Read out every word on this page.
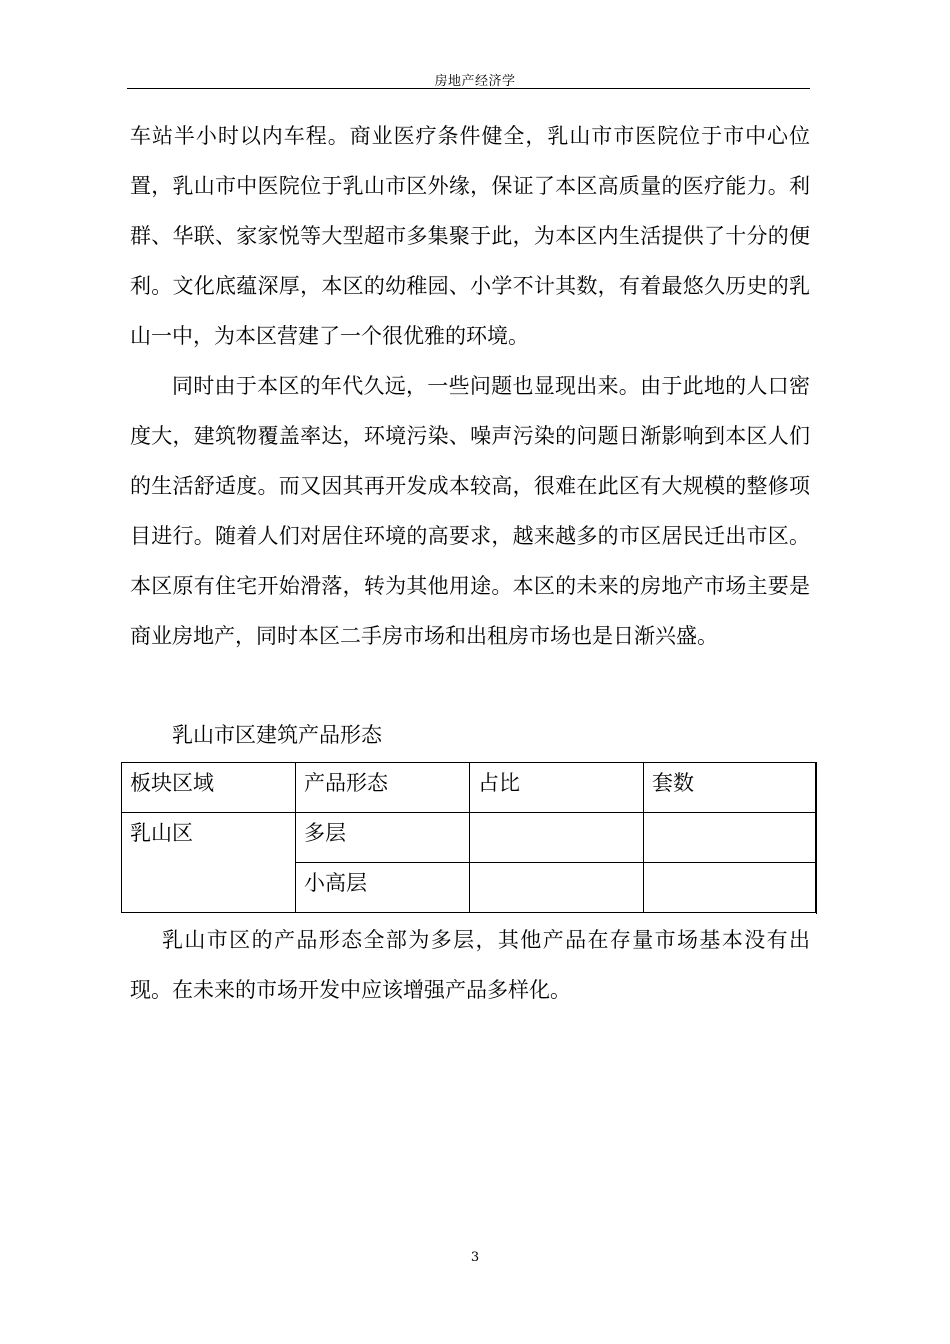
房地产经济学

车站半小时以内车程。商业医疗条件健全，乳山市市医院位于市中心位置，乳山市中医院位于乳山市区外缘，保证了本区高质量的医疗能力。利群、华联、家家悦等大型超市多集聚于此，为本区内生活提供了十分的便利。文化底蕴深厚，本区的幼稚园、小学不计其数，有着最悠久历史的乳山一中，为本区营建了一个很优雅的环境。

同时由于本区的年代久远，一些问题也显现出来。由于此地的人口密度大，建筑物覆盖率达，环境污染、噪声污染的问题日渐影响到本区人们的生活舒适度。而又因其再开发成本较高，很难在此区有大规模的整修项目进行。随着人们对居住环境的高要求，越来越多的市区居民迁出市区。本区原有住宅开始滑落，转为其他用途。本区的未来的房地产市场主要是商业房地产，同时本区二手房市场和出租房市场也是日渐兴盛。

乳山市区建筑产品形态

板块区域	产品形态	占比	套数
乳山区	多层		
	小高层		

乳山市区的产品形态全部为多层，其他产品在存量市场基本没有出现。在未来的市场开发中应该增强产品多样化。

3
